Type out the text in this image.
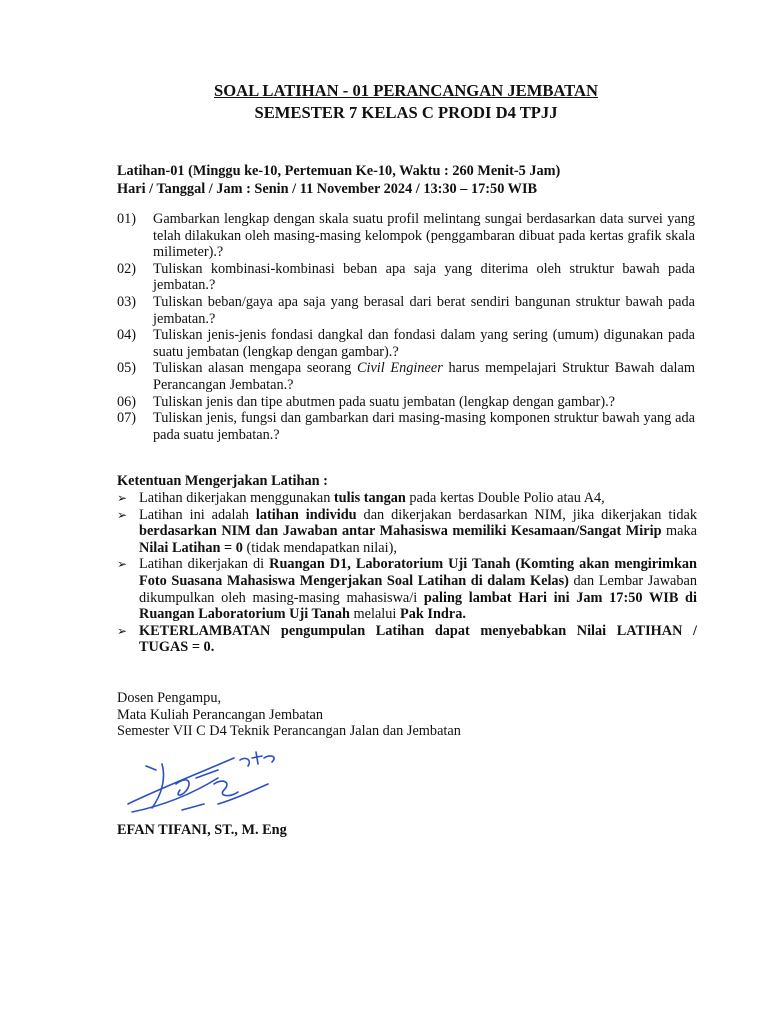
SOAL LATIHAN - 01 PERANCANGAN JEMBATAN
SEMESTER 7 KELAS C PRODI D4 TPJJ
Latihan-01 (Minggu ke-10, Pertemuan Ke-10, Waktu : 260 Menit-5 Jam)
Hari / Tanggal / Jam : Senin / 11 November 2024 / 13:30 – 17:50 WIB
01)	Gambarkan lengkap dengan skala suatu profil melintang sungai berdasarkan data survei yang telah dilakukan oleh masing-masing kelompok (penggambaran dibuat pada kertas grafik skala milimeter).?
02)	Tuliskan kombinasi-kombinasi beban apa saja yang diterima oleh struktur bawah pada jembatan.?
03)	Tuliskan beban/gaya apa saja yang berasal dari berat sendiri bangunan struktur bawah pada jembatan.?
04)	Tuliskan jenis-jenis fondasi dangkal dan fondasi dalam yang sering (umum) digunakan pada suatu jembatan (lengkap dengan gambar).?
05)	Tuliskan alasan mengapa seorang Civil Engineer harus mempelajari Struktur Bawah dalam Perancangan Jembatan.?
06)	Tuliskan jenis dan tipe abutmen pada suatu jembatan (lengkap dengan gambar).?
07)	Tuliskan jenis, fungsi dan gambarkan dari masing-masing komponen struktur bawah yang ada pada suatu jembatan.?
Ketentuan Mengerjakan Latihan :
➢ Latihan dikerjakan menggunakan tulis tangan pada kertas Double Polio atau A4,
➢ Latihan ini adalah latihan individu dan dikerjakan berdasarkan NIM, jika dikerjakan tidak berdasarkan NIM dan Jawaban antar Mahasiswa memiliki Kesamaan/Sangat Mirip maka Nilai Latihan = 0 (tidak mendapatkan nilai),
➢ Latihan dikerjakan di Ruangan D1, Laboratorium Uji Tanah (Komting akan mengirimkan Foto Suasana Mahasiswa Mengerjakan Soal Latihan di dalam Kelas) dan Lembar Jawaban dikumpulkan oleh masing-masing mahasiswa/i paling lambat Hari ini Jam 17:50 WIB di Ruangan Laboratorium Uji Tanah melalui Pak Indra.
➢ KETERLAMBATAN pengumpulan Latihan dapat menyebabkan Nilai LATIHAN / TUGAS = 0.
Dosen Pengampu,
Mata Kuliah Perancangan Jembatan
Semester VII C D4 Teknik Perancangan Jalan dan Jembatan
EFAN TIFANI, ST., M. Eng
